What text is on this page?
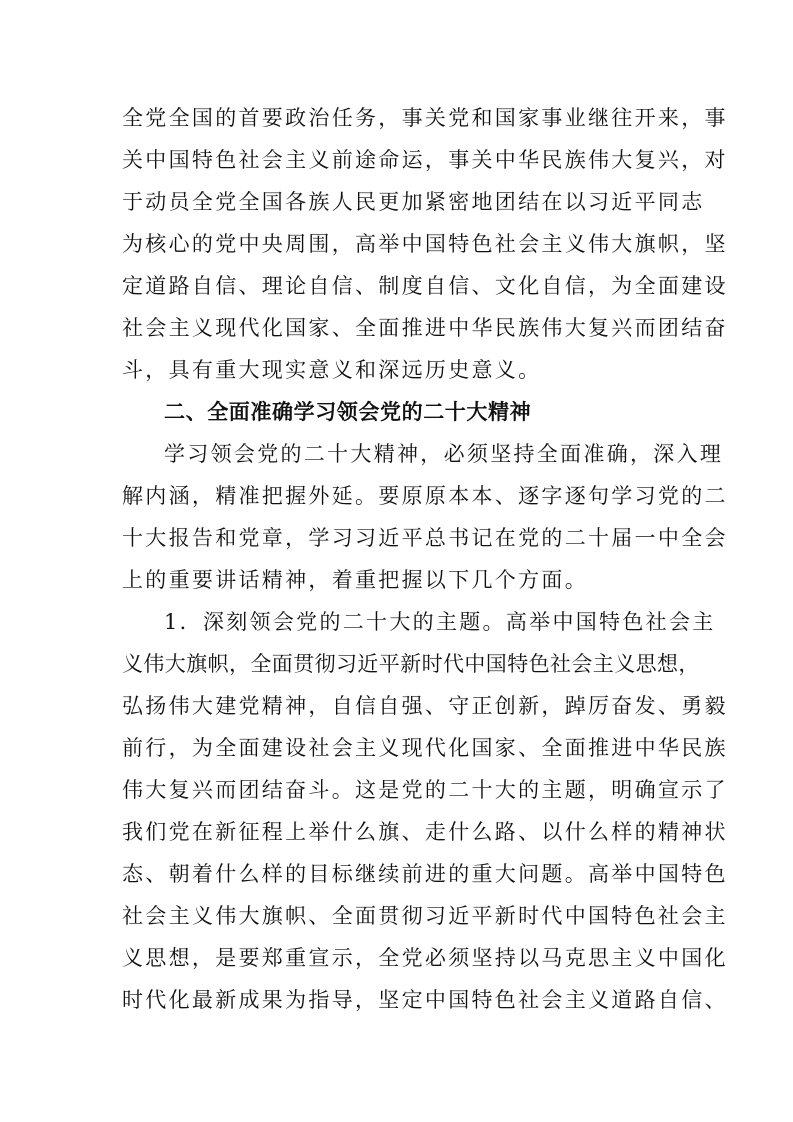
全党全国的首要政治任务，事关党和国家事业继往开来，事
关中国特色社会主义前途命运，事关中华民族伟大复兴，对
于动员全党全国各族人民更加紧密地团结在以习近平同志
为核心的党中央周围，高举中国特色社会主义伟大旗帜，坚
定道路自信、理论自信、制度自信、文化自信，为全面建设
社会主义现代化国家、全面推进中华民族伟大复兴而团结奋
斗，具有重大现实意义和深远历史意义。
二、全面准确学习领会党的二十大精神
学习领会党的二十大精神，必须坚持全面准确，深入理
解内涵，精准把握外延。要原原本本、逐字逐句学习党的二
十大报告和党章，学习习近平总书记在党的二十届一中全会
上的重要讲话精神，着重把握以下几个方面。
1．深刻领会党的二十大的主题。高举中国特色社会主
义伟大旗帜，全面贯彻习近平新时代中国特色社会主义思想，
弘扬伟大建党精神，自信自强、守正创新，踔厉奋发、勇毅
前行，为全面建设社会主义现代化国家、全面推进中华民族
伟大复兴而团结奋斗。这是党的二十大的主题，明确宣示了
我们党在新征程上举什么旗、走什么路、以什么样的精神状
态、朝着什么样的目标继续前进的重大问题。高举中国特色
社会主义伟大旗帜、全面贯彻习近平新时代中国特色社会主
义思想，是要郑重宣示，全党必须坚持以马克思主义中国化
时代化最新成果为指导，坚定中国特色社会主义道路自信、
